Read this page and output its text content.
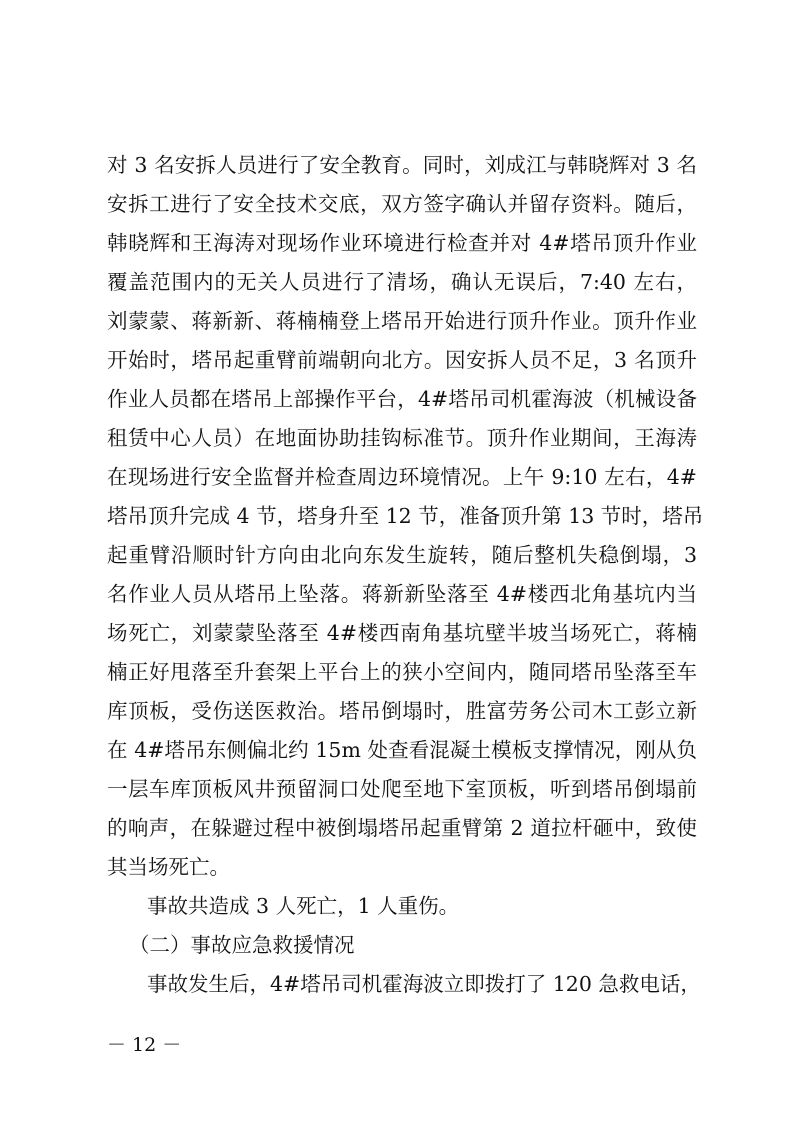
对 3 名安拆人员进行了安全教育。同时，刘成江与韩晓辉对 3 名
安拆工进行了安全技术交底，双方签字确认并留存资料。随后，
韩晓辉和王海涛对现场作业环境进行检查并对 4#塔吊顶升作业
覆盖范围内的无关人员进行了清场，确认无误后，7:40 左右，
刘蒙蒙、蒋新新、蒋楠楠登上塔吊开始进行顶升作业。顶升作业
开始时，塔吊起重臂前端朝向北方。因安拆人员不足，3 名顶升
作业人员都在塔吊上部操作平台，4#塔吊司机霍海波（机械设备
租赁中心人员）在地面协助挂钩标准节。顶升作业期间，王海涛
在现场进行安全监督并检查周边环境情况。上午 9:10 左右，4#
塔吊顶升完成 4 节，塔身升至 12 节，准备顶升第 13 节时，塔吊
起重臂沿顺时针方向由北向东发生旋转，随后整机失稳倒塌，3
名作业人员从塔吊上坠落。蒋新新坠落至 4#楼西北角基坑内当
场死亡，刘蒙蒙坠落至 4#楼西南角基坑壁半坡当场死亡，蒋楠
楠正好甩落至升套架上平台上的狭小空间内，随同塔吊坠落至车
库顶板，受伤送医救治。塔吊倒塌时，胜富劳务公司木工彭立新
在 4#塔吊东侧偏北约 15m 处查看混凝土模板支撑情况，刚从负
一层车库顶板风井预留洞口处爬至地下室顶板，听到塔吊倒塌前
的响声，在躲避过程中被倒塌塔吊起重臂第 2 道拉杆砸中，致使
其当场死亡。
事故共造成 3 人死亡，1 人重伤。
（二）事故应急救援情况
事故发生后，4#塔吊司机霍海波立即拨打了 120 急救电话，
－ 12 －
